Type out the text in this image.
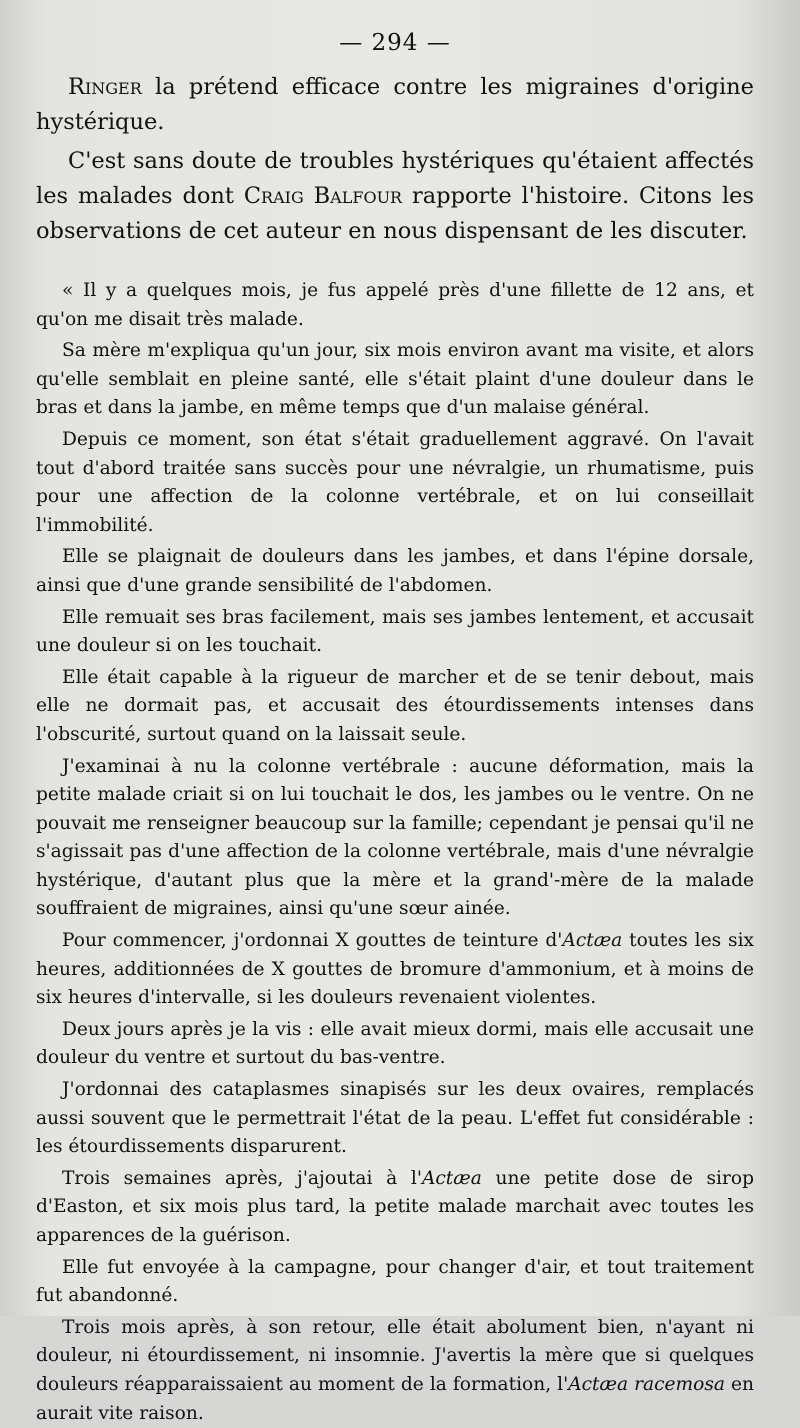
— 294 —

Ringer la prétend efficace contre les migraines d'origine hystérique.

C'est sans doute de troubles hystériques qu'étaient affectés les malades dont Craig Balfour rapporte l'histoire. Citons les observations de cet auteur en nous dispensant de les discuter.

« Il y a quelques mois, je fus appelé près d'une fillette de 12 ans, et qu'on me disait très malade.

Sa mère m'expliqua qu'un jour, six mois environ avant ma visite, et alors qu'elle semblait en pleine santé, elle s'était plaint d'une douleur dans le bras et dans la jambe, en même temps que d'un malaise général.

Depuis ce moment, son état s'était graduellement aggravé. On l'avait tout d'abord traitée sans succès pour une névralgie, un rhumatisme, puis pour une affection de la colonne vertébrale, et on lui conseillait l'immobilité.

Elle se plaignait de douleurs dans les jambes, et dans l'épine dorsale, ainsi que d'une grande sensibilité de l'abdomen.

Elle remuait ses bras facilement, mais ses jambes lentement, et accusait une douleur si on les touchait.

Elle était capable à la rigueur de marcher et de se tenir debout, mais elle ne dormait pas, et accusait des étourdissements intenses dans l'obscurité, surtout quand on la laissait seule.

J'examinai à nu la colonne vertébrale : aucune déformation, mais la petite malade criait si on lui touchait le dos, les jambes ou le ventre. On ne pouvait me renseigner beaucoup sur la famille; cependant je pensai qu'il ne s'agissait pas d'une affection de la colonne vertébrale, mais d'une névralgie hystérique, d'autant plus que la mère et la grand'-mère de la malade souffraient de migraines, ainsi qu'une sœur ainée.

Pour commencer, j'ordonnai X gouttes de teinture d'Actæa toutes les six heures, additionnées de X gouttes de bromure d'ammonium, et à moins de six heures d'intervalle, si les douleurs revenaient violentes.

Deux jours après je la vis : elle avait mieux dormi, mais elle accusait une douleur du ventre et surtout du bas-ventre.

J'ordonnai des cataplasmes sinapisés sur les deux ovaires, remplacés aussi souvent que le permettrait l'état de la peau. L'effet fut considérable : les étourdissements disparurent.

Trois semaines après, j'ajoutai à l'Actæa une petite dose de sirop d'Easton, et six mois plus tard, la petite malade marchait avec toutes les apparences de la guérison.

Elle fut envoyée à la campagne, pour changer d'air, et tout traitement fut abandonné.

Trois mois après, à son retour, elle était abolument bien, n'ayant ni douleur, ni étourdissement, ni insomnie. J'avertis la mère que si quelques douleurs réapparaissaient au moment de la formation, l'Actæa racemosa en aurait vite raison.
